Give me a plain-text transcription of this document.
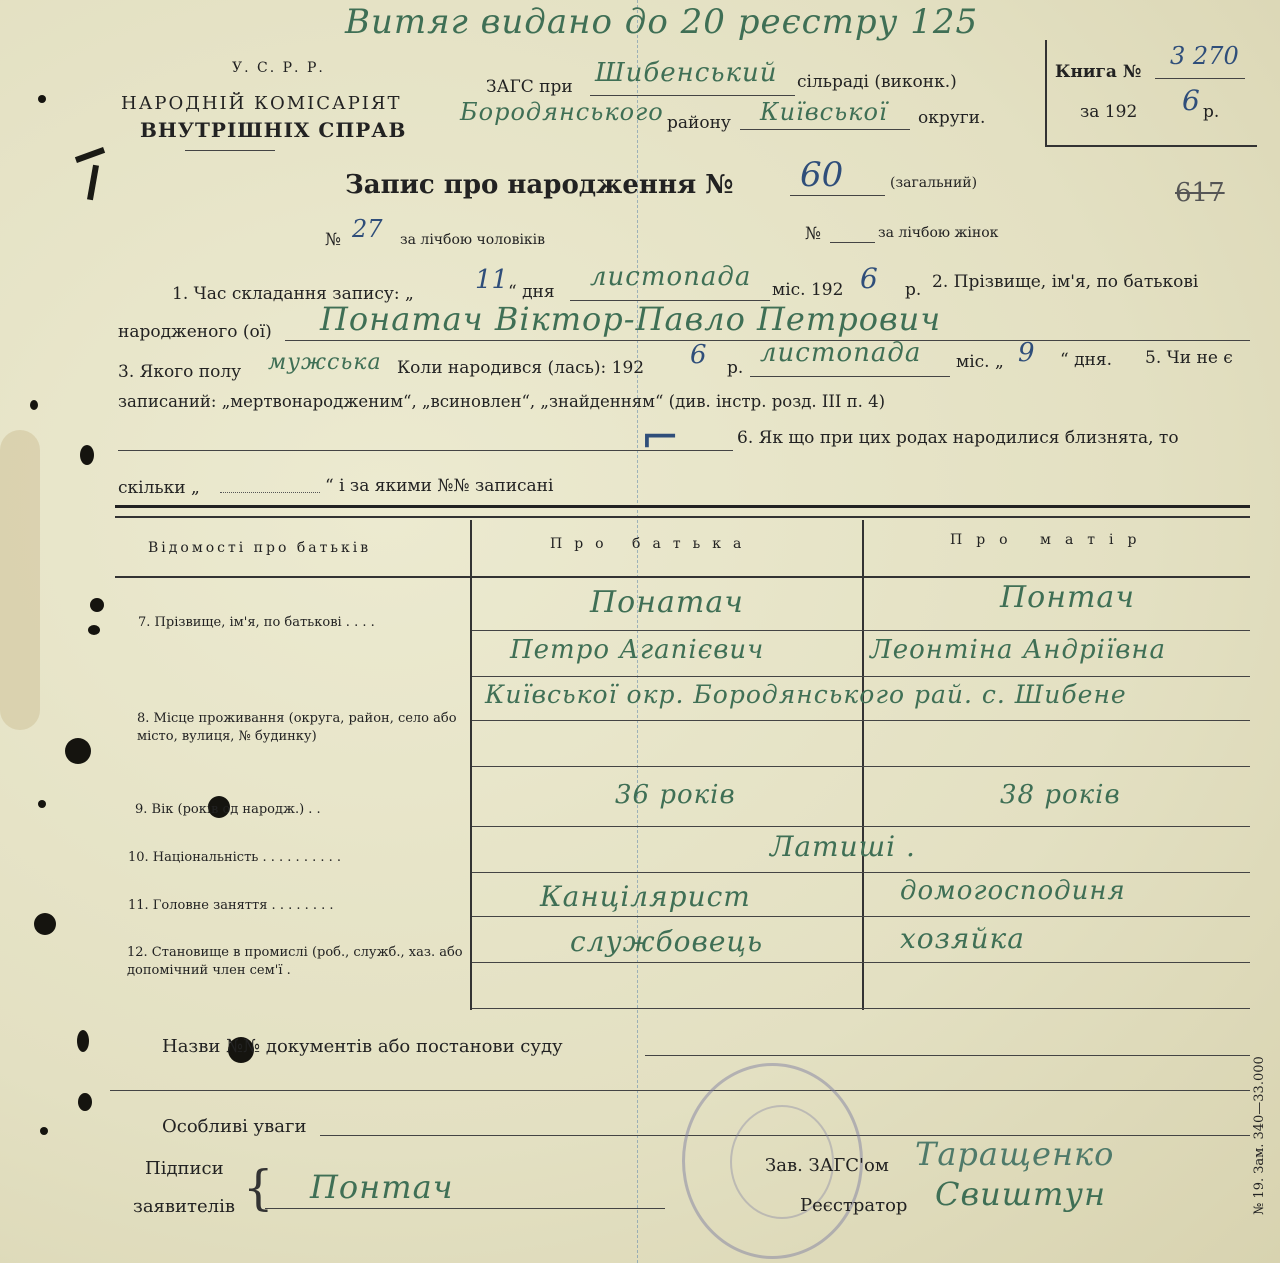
Витяг видано до 20 реєстру 125
У. С. Р. Р.
НАРОДНІЙ КОМІСАРІЯТ
ВНУТРІШНІХ СПРАВ
ЗАГС при Шибенський сільраді (виконк.)
Бородянського району Київської округи.
Книга №
3 270
за 192 6 р.
617
Запис про народження № 60	(загальний)
№ 27 за лічбою чоловіків	№	за лічбою жінок
1. Час складання запису: „ 11 “ дня листопада міс. 192 6 р. 2. Прізвище, ім'я, по батькові
народженого (ої) Понатач Віктор-Павло Петрович
3. Якого полу мужська Коли народився (лась): 192 6 р. листопада міс. „ 9 “ дня. 5. Чи не є
записаний: „мертвонародженим“, „всиновлен“, „знайденням“ (див. інстр. розд. III п. 4)
⌐	6. Як що при цих родах народилися близнята, то
скільки „	“ і за якими №№ записані
Відомості про батьків	Про батька	Про матір
7. Прізвище, ім'я, по батькові . . . .
Понатач	Понтач
Петро Агапієвич	Леонтіна Андріївна
8. Місце проживання (округа, район, село або місто, вулиця, № будинку)
Київської окр. Бородянського рай. с. Шибене
9. Вік (років од народж.) . .	36 років	38 років
10. Національність . . . . . . . . . .	Латиші .
11. Головне заняття . . . . . . . .	Канцілярист	домогосподиня
12. Становище в промислі (роб., служб., хаз. або допомічний член сем'ї .
службовець	хозяйка
Назви №№ документів або постанови суду
Особливі уваги
Підписи
заявителів { Понтач
Зав. ЗАГС'ом Таращенко
Реєстратор Свиштун	№ 19. Зам. 340—33.000
